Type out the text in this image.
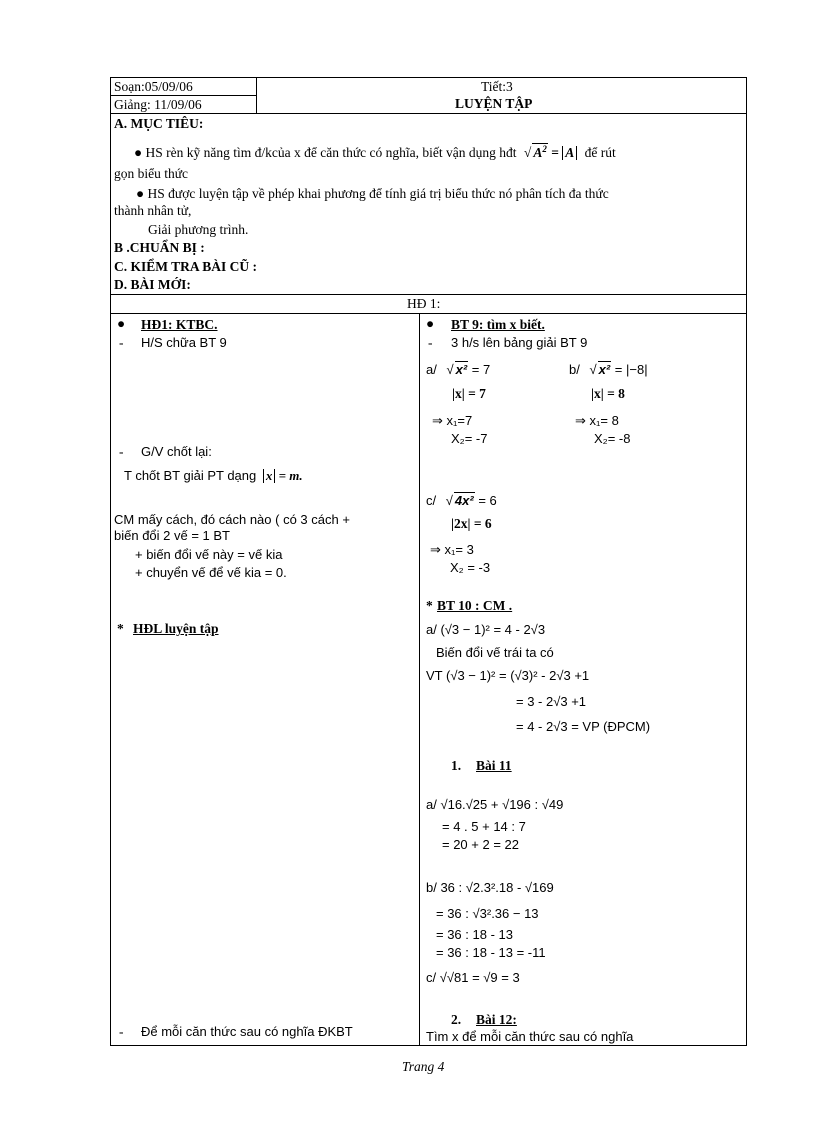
Soạn:05/09/06
Giảng: 11/09/06
Tiết:3
LUYỆN TẬP
A. MỤC TIÊU:
● HS rèn kỹ năng tìm đ/kcủa x để căn thức có nghĩa, biết vận dụng hđt √ $A^2 = A$ để rút
gọn biểu thức
● HS được luyện tập về phép khai phương để tính giá trị biểu thức nó phân tích đa thức
thành nhân tử,
Giải phương trình.
B .CHUẨN BỊ :
C. KIỂM TRA BÀI CŨ :
D. BÀI MỚI:
HĐ 1:
● HĐ1: KTBC.
- H/S chữa BT 9
- G/V chốt lại:
T chốt BT giải PT dạng x = m.
CM mấy cách, đó cách nào ( có 3 cách +
biến đổi 2 vế = 1 BT
+ biến đổi vế này = vế kia
+ chuyển vế để vế kia = 0.
* HĐL luyện tập
- Để mỗi căn thức sau có nghĩa ĐKBT
● BT 9: tìm x biết.
- 3 h/s lên bảng giải BT 9
a/ √ x² = 7	b/ √ x² = |−8|
|x| = 7	|x| = 8
⇒ x₁=7	⇒ x₁= 8
X₂= -7	X₂= -8
c/ √ 4x² = 6
|2x| = 6
⇒ x₁= 3
X₂ = -3
* BT 10 : CM .
a/ (√3 − 1)² = 4 - 2√3
Biến đổi vế trái ta có
VT (√3 − 1)² = (√3)² - 2√3 +1
= 3 - 2√3 +1
= 4 - 2√3 = VP (ĐPCM)
1. Bài 11
a/ √16.√25 + √196 : √49
= 4 . 5 + 14 : 7
= 20 + 2 = 22
b/ 36 : √2.3².18 - √169
= 36 : √3².36 − 13
= 36 : 18 - 13
= 36 : 18 - 13 = -11
c/ √√81 = √9 = 3
2. Bài 12:
Tìm x để mỗi căn thức sau có nghĩa
Trang 4
